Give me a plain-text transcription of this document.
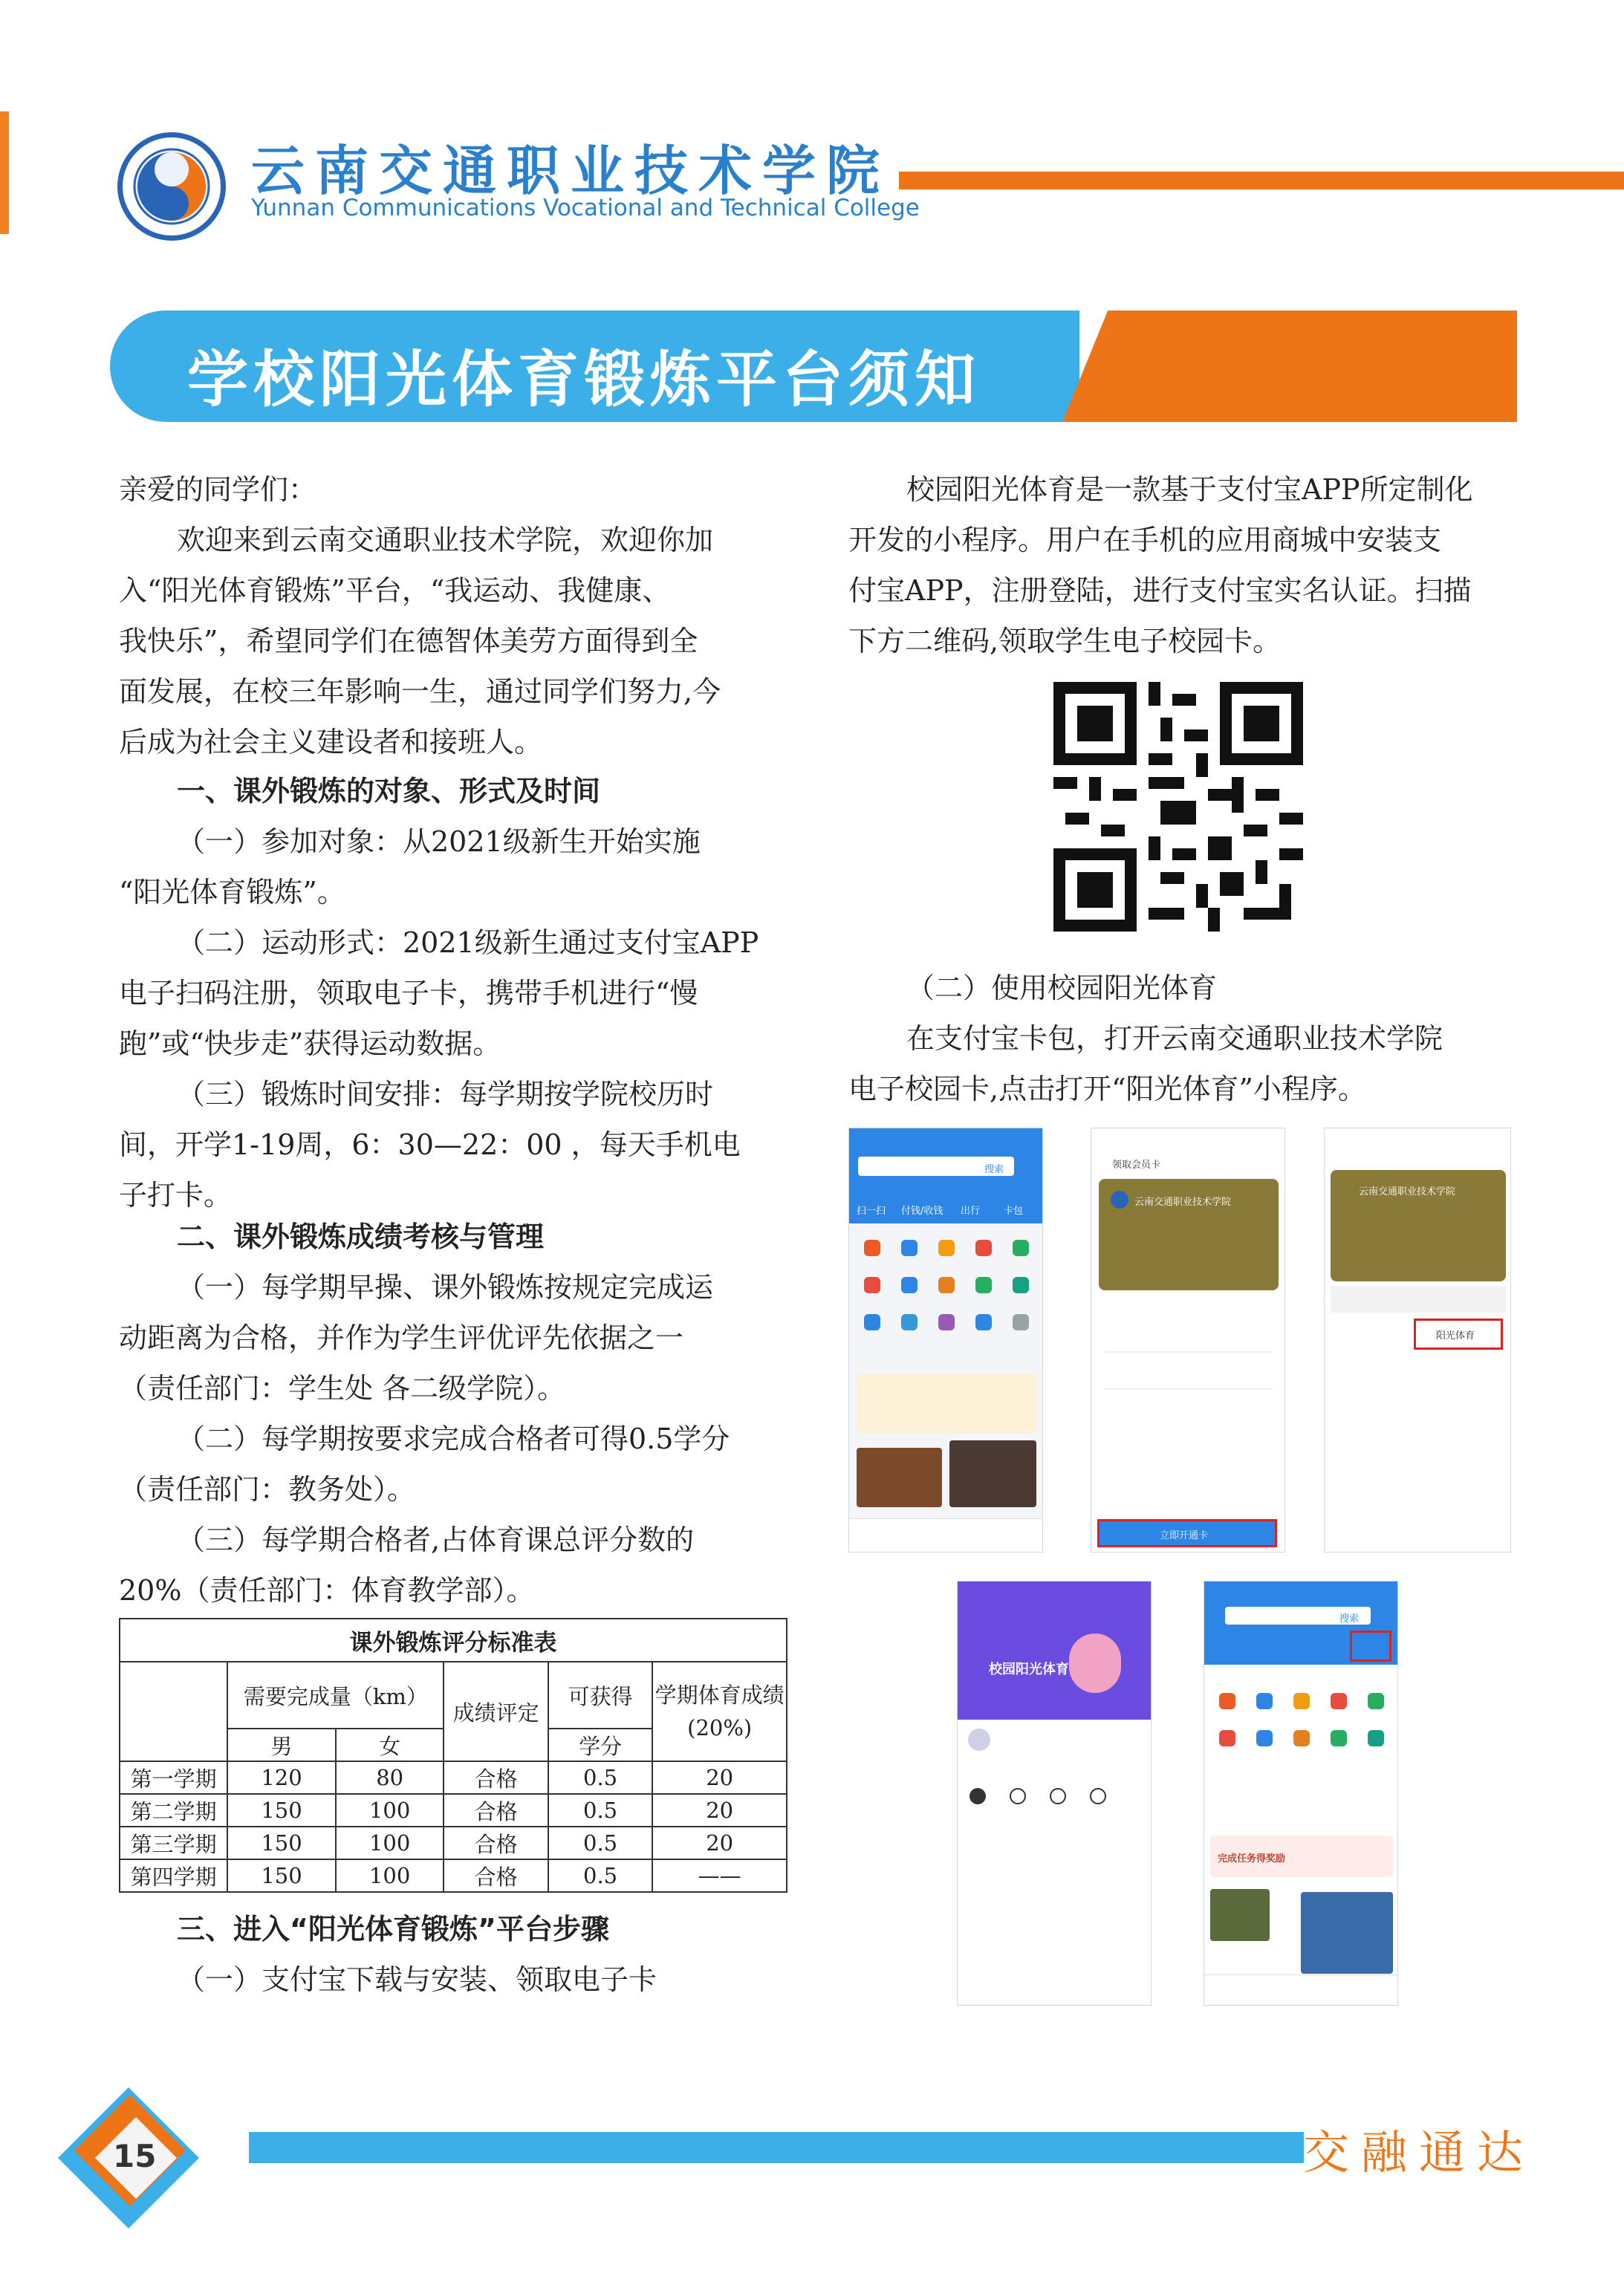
云南交通职业技术学院
Yunnan Communications Vocational and Technical College
学校阳光体育锻炼平台须知
亲爱的同学们：
欢迎来到云南交通职业技术学院，欢迎你加
入“阳光体育锻炼”平台，“我运动、我健康、
我快乐”，希望同学们在德智体美劳方面得到全
面发展，在校三年影响一生，通过同学们努力,今
后成为社会主义建设者和接班人。
一、课外锻炼的对象、形式及时间
（一）参加对象：从2021级新生开始实施
“阳光体育锻炼”。
（二）运动形式：2021级新生通过支付宝APP
电子扫码注册，领取电子卡，携带手机进行“慢
跑”或“快步走”获得运动数据。
（三）锻炼时间安排：每学期按学院校历时
间，开学1-19周，6：30—22：00 ，每天手机电
子打卡。
二、课外锻炼成绩考核与管理
（一）每学期早操、课外锻炼按规定完成运
动距离为合格，并作为学生评优评先依据之一
（责任部门：学生处 各二级学院）。
（二）每学期按要求完成合格者可得0.5学分
（责任部门：教务处）。
（三）每学期合格者,占体育课总评分数的
20%（责任部门：体育教学部）。
课外锻炼评分标准表					
	需要完成量（km）		成绩评定	可获得	学期体育成绩(20%)
	男	女		学分	
第一学期	120	80	合格	0.5	20
第二学期	150	100	合格	0.5	20
第三学期	150	100	合格	0.5	20
第四学期	150	100	合格	0.5	——
三、进入“阳光体育锻炼”平台步骤
（一）支付宝下载与安装、领取电子卡
校园阳光体育是一款基于支付宝APP所定制化
开发的小程序。用户在手机的应用商城中安装支
付宝APP，注册登陆，进行支付宝实名认证。扫描
下方二维码,领取学生电子校园卡。
（二）使用校园阳光体育
在支付宝卡包，打开云南交通职业技术学院
电子校园卡,点击打开“阳光体育”小程序。
搜索
扫一扫 付钱/收钱 出行 卡包
领取会员卡
云南交通职业技术学院
立即开通卡
云南交通职业技术学院
阳光体育
校园阳光体育
搜索
完成任务得奖励
15	交融通达
